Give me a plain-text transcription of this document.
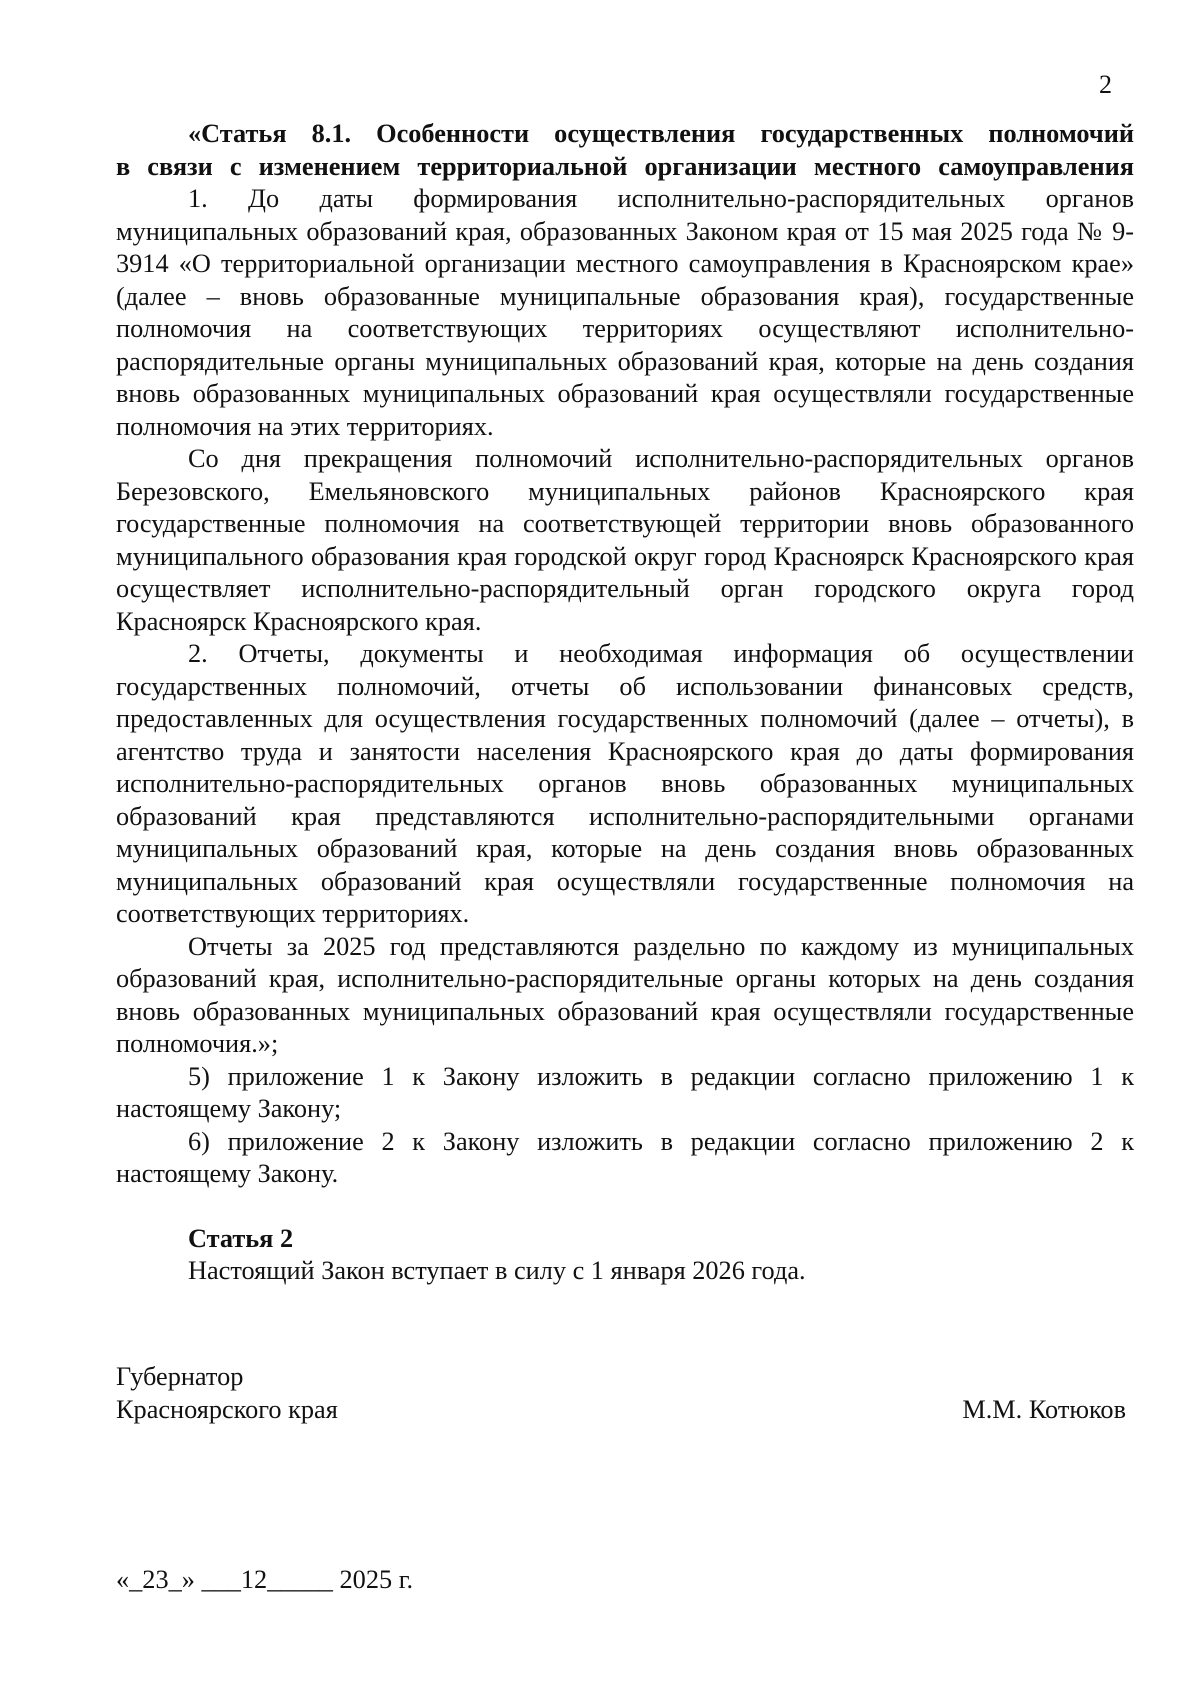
2
«Статья 8.1. Особенности осуществления государственных полномочий
в связи с изменением территориальной организации местного самоуправления

1. До даты формирования исполнительно-распорядительных органов муниципальных образований края, образованных Законом края от 15 мая 2025 года № 9-3914 «О территориальной организации местного самоуправления в Красноярском крае» (далее – вновь образованные муниципальные образования края), государственные полномочия на соответствующих территориях осуществляют исполнительно-распорядительные органы муниципальных образований края, которые на день создания вновь образованных муниципальных образований края осуществляли государственные полномочия на этих территориях.

Со дня прекращения полномочий исполнительно-распорядительных органов Березовского, Емельяновского муниципальных районов Красноярского края государственные полномочия на соответствующей территории вновь образованного муниципального образования края городской округ город Красноярск Красноярского края осуществляет исполнительно-распорядительный орган городского округа город Красноярск Красноярского края.

2. Отчеты, документы и необходимая информация об осуществлении государственных полномочий, отчеты об использовании финансовых средств, предоставленных для осуществления государственных полномочий (далее – отчеты), в агентство труда и занятости населения Красноярского края до даты формирования исполнительно-распорядительных органов вновь образованных муниципальных образований края представляются исполнительно-распорядительными органами муниципальных образований края, которые на день создания вновь образованных муниципальных образований края осуществляли государственные полномочия на соответствующих территориях.

Отчеты за 2025 год представляются раздельно по каждому из муниципальных образований края, исполнительно-распорядительные органы которых на день создания вновь образованных муниципальных образований края осуществляли государственные полномочия.»;

5) приложение 1 к Закону изложить в редакции согласно приложению 1 к настоящему Закону;

6) приложение 2 к Закону изложить в редакции согласно приложению 2 к настоящему Закону.

Статья 2
Настоящий Закон вступает в силу с 1 января 2026 года.
Губернатор
Красноярского края	М.М. Котюков
«_23_» ___12_____ 2025 г.
